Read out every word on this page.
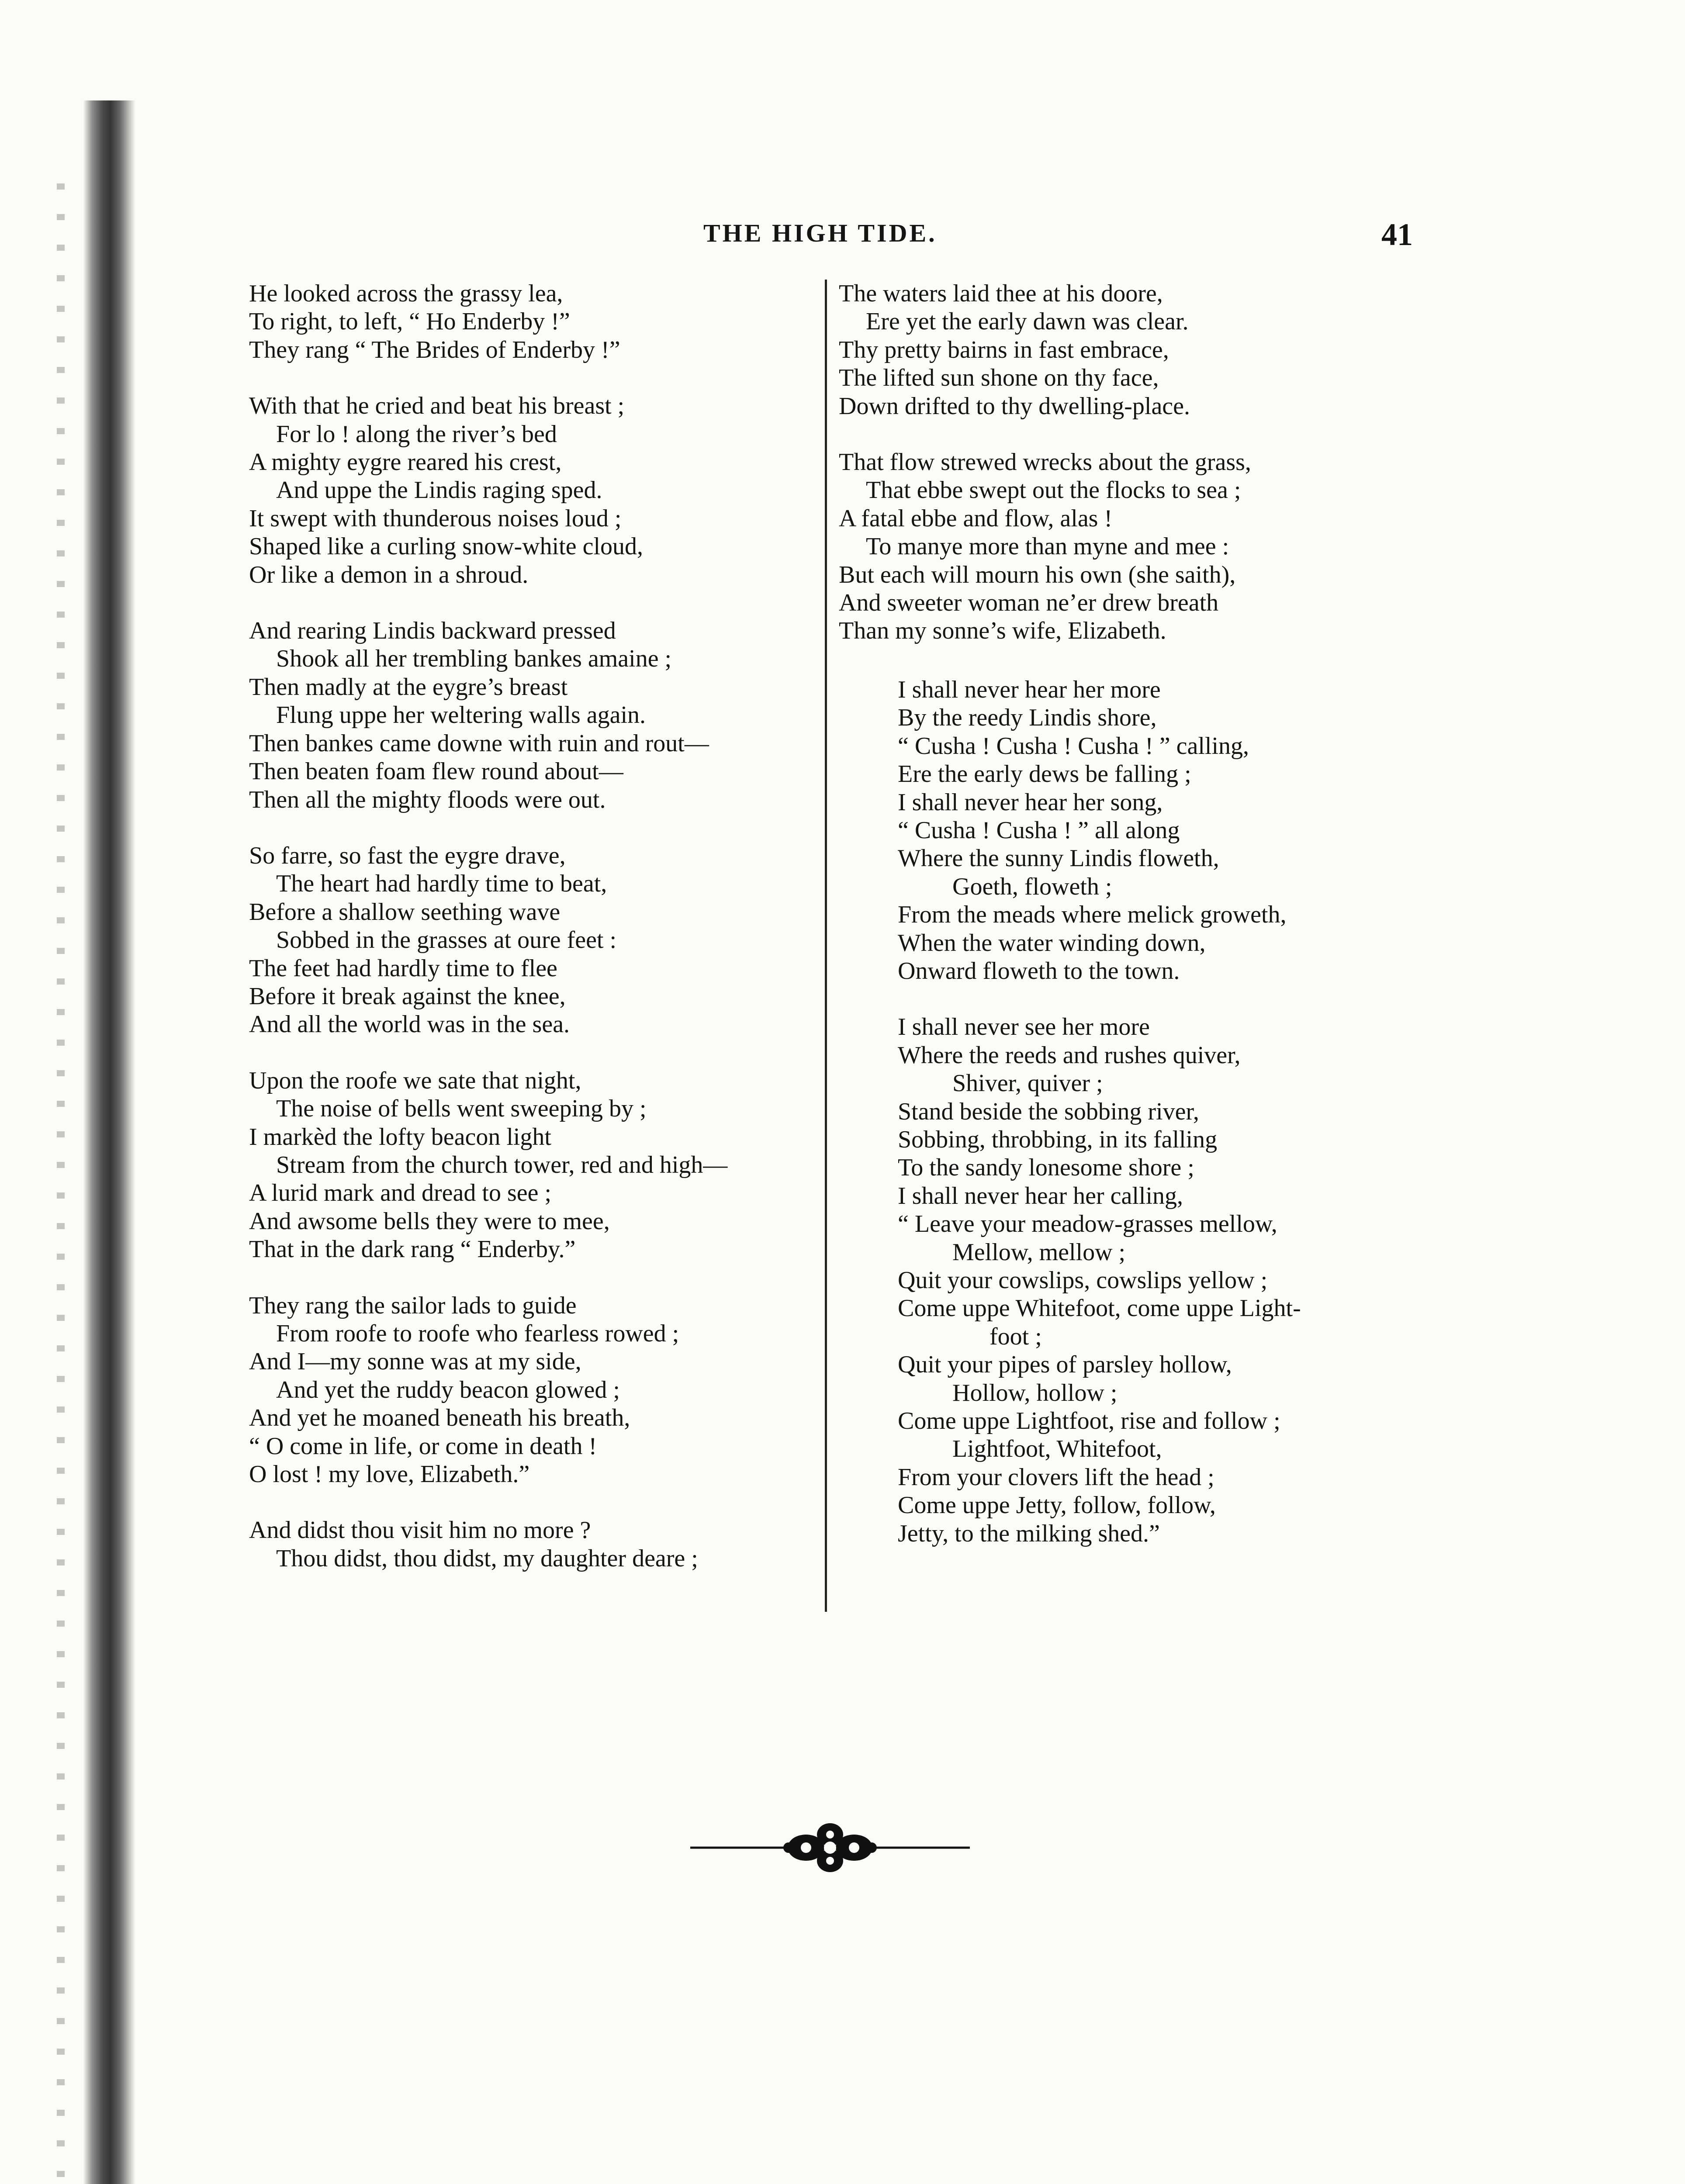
THE HIGH TIDE.	41
He looked across the grassy lea,
To right, to left, “ Ho Enderby !”
They rang “ The Brides of Enderby !”
With that he cried and beat his breast ;
For lo ! along the river’s bed
A mighty eygre reared his crest,
And uppe the Lindis raging sped.
It swept with thunderous noises loud ;
Shaped like a curling snow-white cloud,
Or like a demon in a shroud.
And rearing Lindis backward pressed
Shook all her trembling bankes amaine ;
Then madly at the eygre’s breast
Flung uppe her weltering walls again.
Then bankes came downe with ruin and rout—
Then beaten foam flew round about—
Then all the mighty floods were out.
So farre, so fast the eygre drave,
The heart had hardly time to beat,
Before a shallow seething wave
Sobbed in the grasses at oure feet :
The feet had hardly time to flee
Before it break against the knee,
And all the world was in the sea.
Upon the roofe we sate that night,
The noise of bells went sweeping by ;
I markèd the lofty beacon light
Stream from the church tower, red and high—
A lurid mark and dread to see ;
And awsome bells they were to mee,
That in the dark rang “ Enderby.”
They rang the sailor lads to guide
From roofe to roofe who fearless rowed ;
And I—my sonne was at my side,
And yet the ruddy beacon glowed ;
And yet he moaned beneath his breath,
“ O come in life, or come in death !
O lost ! my love, Elizabeth.”
And didst thou visit him no more ?
Thou didst, thou didst, my daughter deare ;
The waters laid thee at his doore,
Ere yet the early dawn was clear.
Thy pretty bairns in fast embrace,
The lifted sun shone on thy face,
Down drifted to thy dwelling-place.
That flow strewed wrecks about the grass,
That ebbe swept out the flocks to sea ;
A fatal ebbe and flow, alas !
To manye more than myne and mee :
But each will mourn his own (she saith),
And sweeter woman ne’er drew breath
Than my sonne’s wife, Elizabeth.
I shall never hear her more
By the reedy Lindis shore,
“ Cusha ! Cusha ! Cusha ! ” calling,
Ere the early dews be falling ;
I shall never hear her song,
“ Cusha ! Cusha ! ” all along
Where the sunny Lindis floweth,
Goeth, floweth ;
From the meads where melick groweth,
When the water winding down,
Onward floweth to the town.
I shall never see her more
Where the reeds and rushes quiver,
Shiver, quiver ;
Stand beside the sobbing river,
Sobbing, throbbing, in its falling
To the sandy lonesome shore ;
I shall never hear her calling,
“ Leave your meadow-grasses mellow,
Mellow, mellow ;
Quit your cowslips, cowslips yellow ;
Come uppe Whitefoot, come uppe Light-
foot ;
Quit your pipes of parsley hollow,
Hollow, hollow ;
Come uppe Lightfoot, rise and follow ;
Lightfoot, Whitefoot,
From your clovers lift the head ;
Come uppe Jetty, follow, follow,
Jetty, to the milking shed.”
